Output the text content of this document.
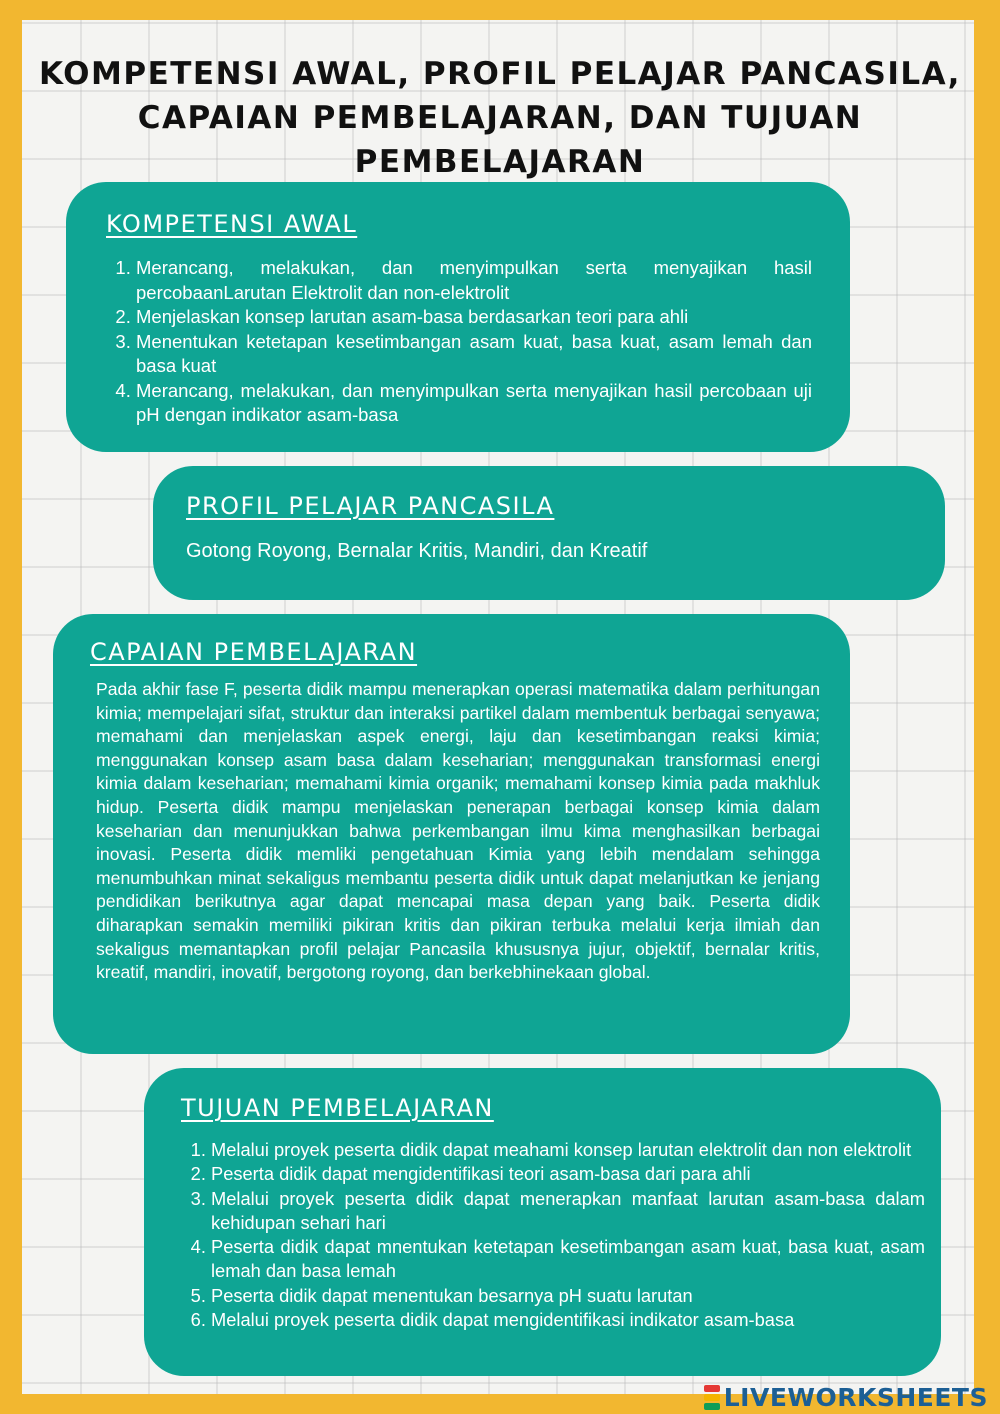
KOMPETENSI AWAL, PROFIL PELAJAR PANCASILA,
CAPAIAN PEMBELAJARAN, DAN TUJUAN PEMBELAJARAN
KOMPETENSI AWAL
1. Merancang, melakukan, dan menyimpulkan serta menyajikan hasil percobaanLarutan Elektrolit dan non-elektrolit
2. Menjelaskan konsep larutan asam-basa berdasarkan teori para ahli
3. Menentukan ketetapan kesetimbangan asam kuat, basa kuat, asam lemah dan basa kuat
4. Merancang, melakukan, dan menyimpulkan serta menyajikan hasil percobaan uji pH dengan indikator asam-basa
PROFIL PELAJAR PANCASILA

Gotong Royong, Bernalar Kritis, Mandiri, dan Kreatif

CAPAIAN PEMBELAJARAN

Pada akhir fase F, peserta didik mampu menerapkan operasi matematika dalam perhitungan kimia; mempelajari sifat, struktur dan interaksi partikel dalam membentuk berbagai senyawa; memahami dan menjelaskan aspek energi, laju dan kesetimbangan reaksi kimia; menggunakan konsep asam basa dalam keseharian; menggunakan transformasi energi kimia dalam keseharian; memahami kimia organik; memahami konsep kimia pada makhluk hidup. Peserta didik mampu menjelaskan penerapan berbagai konsep kimia dalam keseharian dan menunjukkan bahwa perkembangan ilmu kima menghasilkan berbagai inovasi. Peserta didik memliki pengetahuan Kimia yang lebih mendalam sehingga menumbuhkan minat sekaligus membantu peserta didik untuk dapat melanjutkan ke jenjang pendidikan berikutnya agar dapat mencapai masa depan yang baik. Peserta didik diharapkan semakin memiliki pikiran kritis dan pikiran terbuka melalui kerja ilmiah dan sekaligus memantapkan profil pelajar Pancasila khususnya jujur, objektif, bernalar kritis, kreatif, mandiri, inovatif, bergotong royong, dan berkebhinekaan global.

TUJUAN PEMBELAJARAN
1. Melalui proyek peserta didik dapat meahami konsep larutan elektrolit dan non elektrolit
2. Peserta didik dapat mengidentifikasi teori asam-basa dari para ahli
3. Melalui proyek peserta didik dapat menerapkan manfaat larutan asam-basa dalam kehidupan sehari hari
4. Peserta didik dapat mnentukan ketetapan kesetimbangan asam kuat, basa kuat, asam lemah dan basa lemah
5. Peserta didik dapat menentukan besarnya pH suatu larutan
6. Melalui proyek peserta didik dapat mengidentifikasi indikator asam-basa
LIVEWORKSHEETS
